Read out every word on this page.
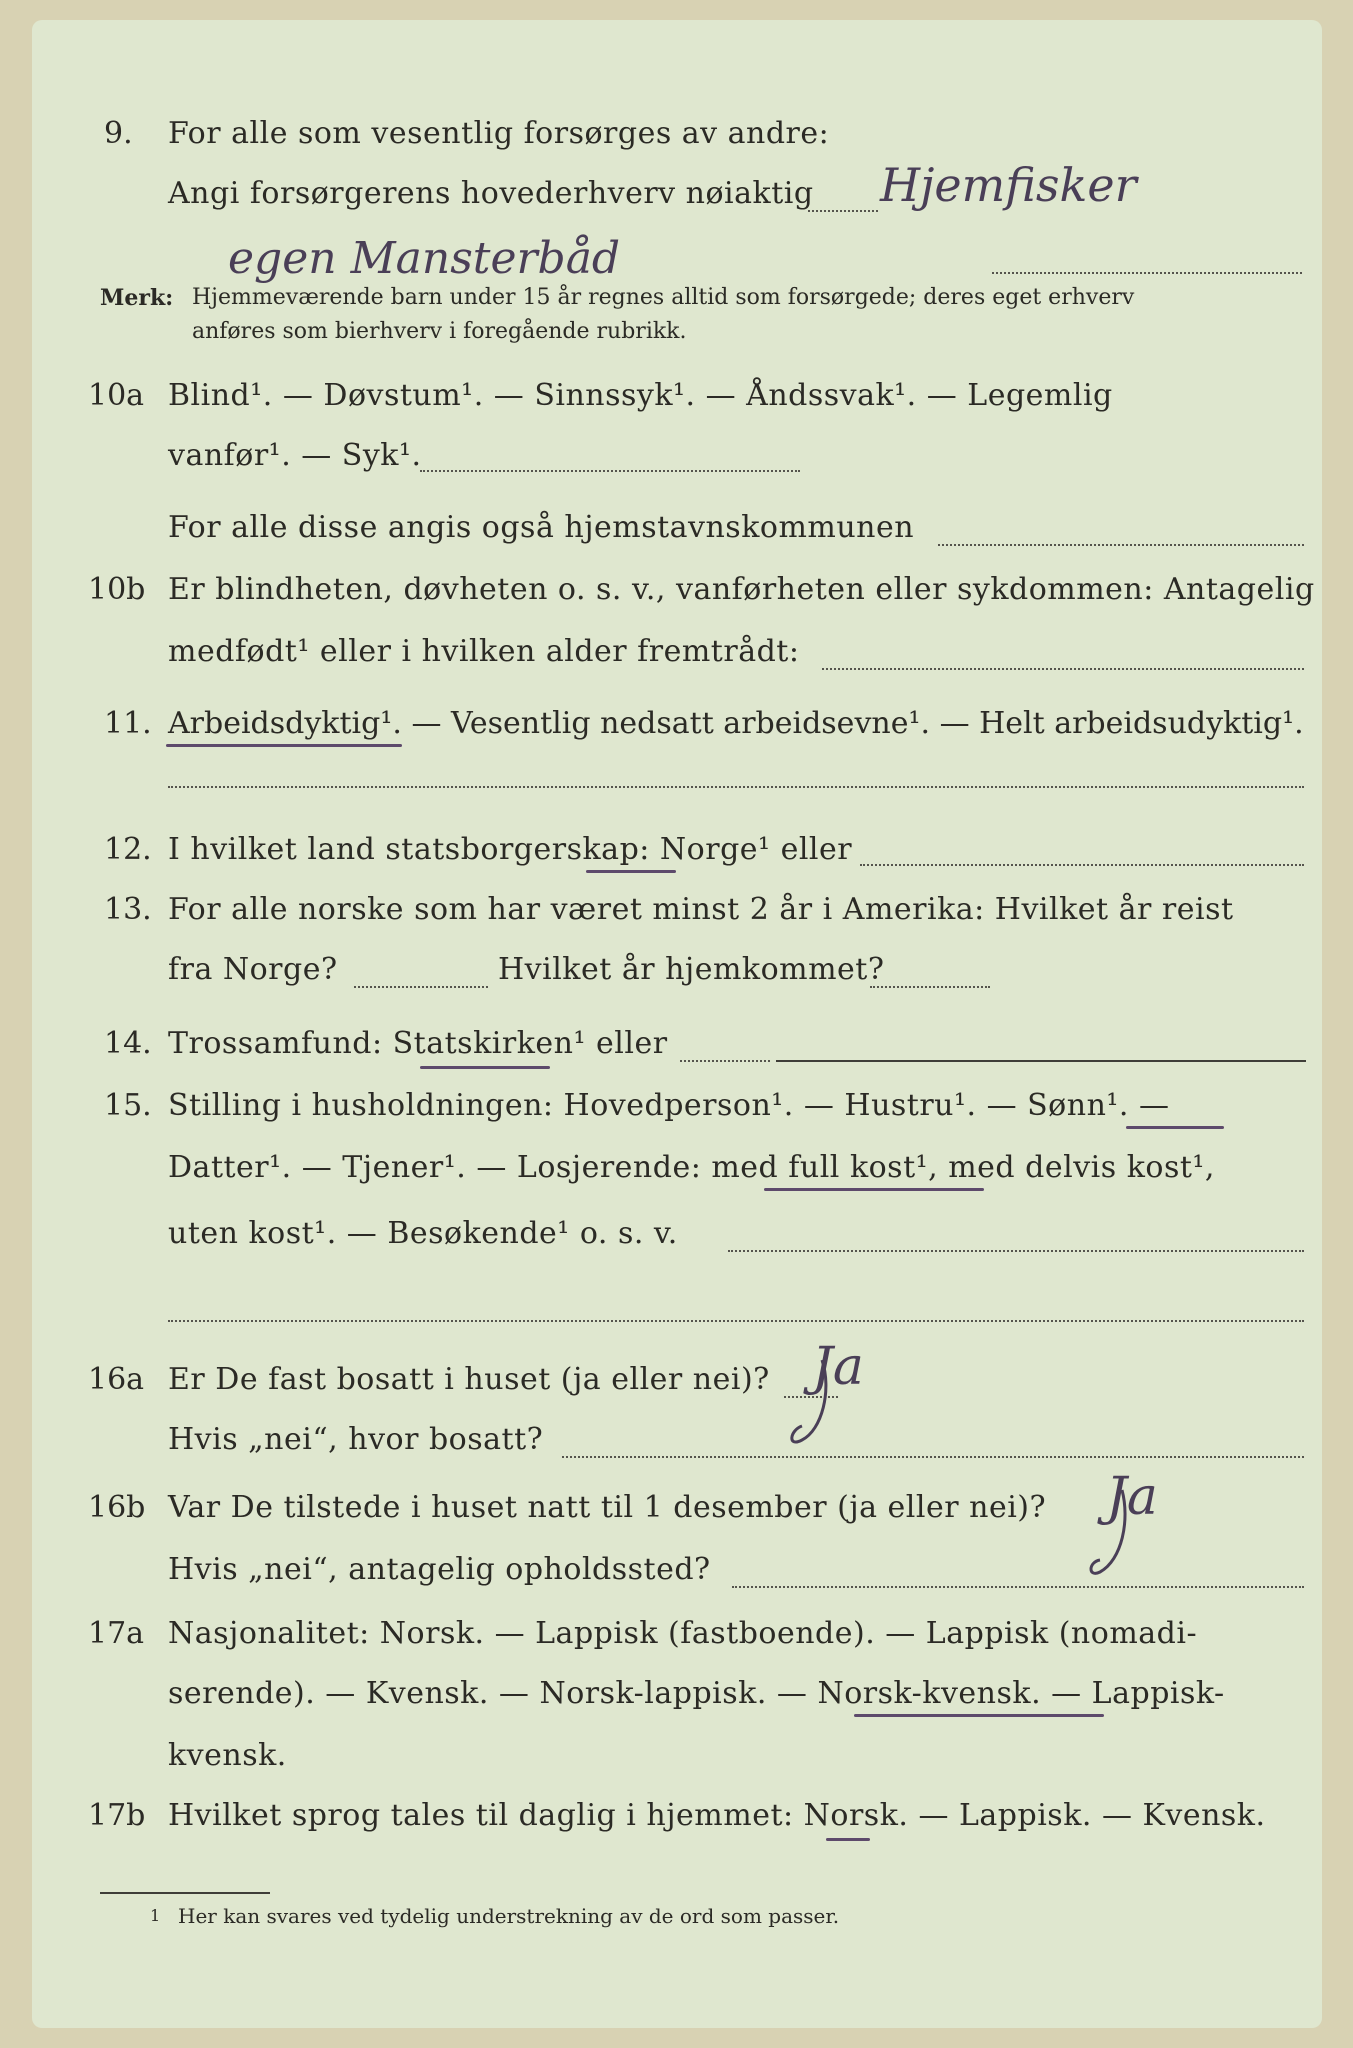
9. For alle som vesentlig forsørges av andre:
Angi forsørgerens hovederhverv nøiaktig Hjemfisker
egen Mansterbåd
Merk: Hjemmeværende barn under 15 år regnes alltid som forsørgede; deres eget erhverv
anføres som bierhverv i foregående rubrikk.
10a Blind¹. — Døvstum¹. — Sinnssyk¹. — Åndssvak¹. — Legemlig
vanfør¹. — Syk¹.
For alle disse angis også hjemstavnskommunen
10b Er blindheten, døvheten o. s. v., vanførheten eller sykdommen: Antagelig
medfødt¹ eller i hvilken alder fremtrådt:
11. Arbeidsdyktig¹. — Vesentlig nedsatt arbeidsevne¹. — Helt arbeidsudyktig¹.
12. I hvilket land statsborgerskap: Norge¹ eller
13. For alle norske som har været minst 2 år i Amerika: Hvilket år reist
fra Norge?	Hvilket år hjemkommet?
14. Trossamfund: Statskirken¹ eller
15. Stilling i husholdningen: Hovedperson¹. — Hustru¹. — Sønn¹. —
Datter¹. — Tjener¹. — Losjerende: med full kost¹, med delvis kost¹,
uten kost¹. — Besøkende¹ o. s. v.
16a Er De fast bosatt i huset (ja eller nei)? Ja
Hvis „nei“, hvor bosatt?
16b Var De tilstede i huset natt til 1 desember (ja eller nei)? Ja
Hvis „nei“, antagelig opholdssted?
17a Nasjonalitet: Norsk. — Lappisk (fastboende). — Lappisk (nomadi-
serende). — Kvensk. — Norsk-lappisk. — Norsk-kvensk. — Lappisk-
kvensk.
17b Hvilket sprog tales til daglig i hjemmet: Norsk. — Lappisk. — Kvensk.
1 Her kan svares ved tydelig understrekning av de ord som passer.
